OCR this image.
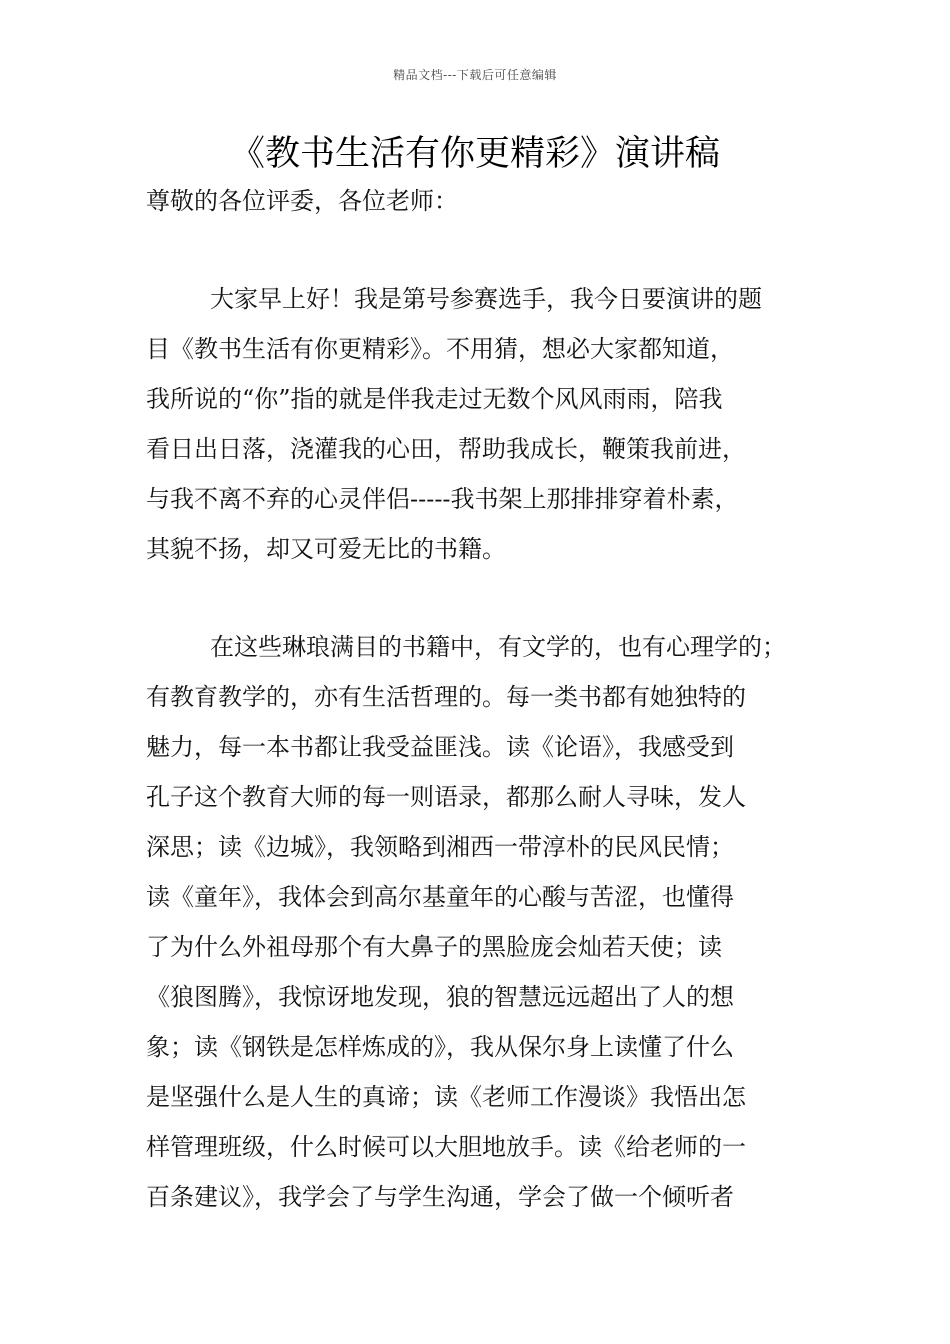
精品文档---下载后可任意编辑
《教书生活有你更精彩》演讲稿

尊敬的各位评委，各位老师：

大家早上好！我是第号参赛选手，我今日要演讲的题
目《教书生活有你更精彩》。不用猜，想必大家都知道，
我所说的“你”指的就是伴我走过无数个风风雨雨，陪我
看日出日落，浇灌我的心田，帮助我成长，鞭策我前进，
与我不离不弃的心灵伴侣-----我书架上那排排穿着朴素，
其貌不扬，却又可爱无比的书籍。

在这些琳琅满目的书籍中，有文学的，也有心理学的；
有教育教学的，亦有生活哲理的。每一类书都有她独特的
魅力，每一本书都让我受益匪浅。读《论语》，我感受到
孔子这个教育大师的每一则语录，都那么耐人寻味，发人
深思；读《边城》，我领略到湘西一带淳朴的民风民情；
读《童年》，我体会到高尔基童年的心酸与苦涩，也懂得
了为什么外祖母那个有大鼻子的黑脸庞会灿若天使；读
《狼图腾》，我惊讶地发现，狼的智慧远远超出了人的想
象；读《钢铁是怎样炼成的》，我从保尔身上读懂了什么
是坚强什么是人生的真谛；读《老师工作漫谈》我悟出怎
样管理班级，什么时候可以大胆地放手。读《给老师的一
百条建议》，我学会了与学生沟通，学会了做一个倾听者
